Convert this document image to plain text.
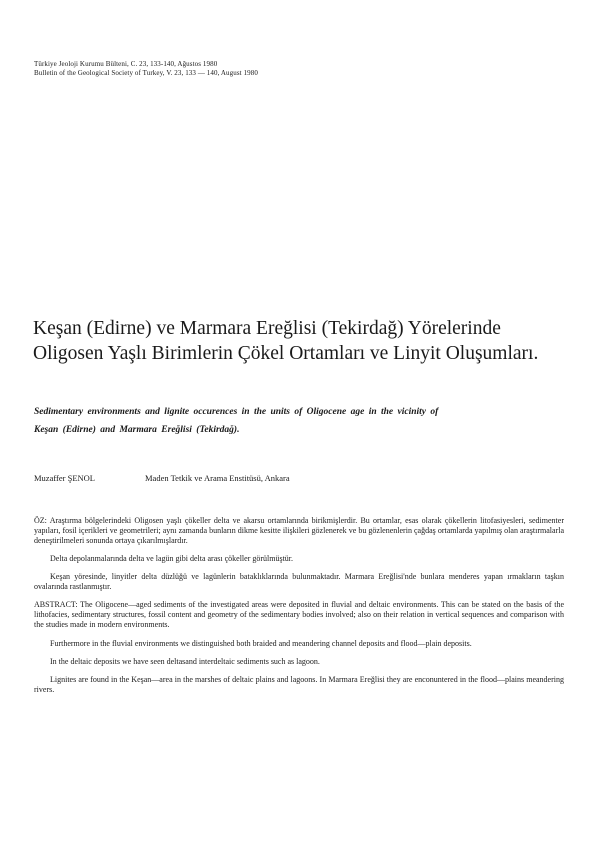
Türkiye Jeoloji Kurumu Bülteni, C. 23, 133-140, Ağustos 1980
Bulletin of the Geological Society of Turkey, V. 23, 133 — 140, August 1980
Keşan (Edirne) ve Marmara Ereğlisi (Tekirdağ) Yörelerinde
Oligosen Yaşlı Birimlerin Çökel Ortamları ve Linyit Oluşumları.
Sedimentary environments and lignite occurences in the units of Oligocene age in the vicinity of
Keşan (Edirne) and Marmara Ereğlisi (Tekirdağ).
Muzaffer ŞENOL	Maden Tetkik ve Arama Enstitüsü, Ankara

ÖZ: Araştırma bölgelerindeki Oligosen yaşlı çökeller delta ve akarsu ortamlarında birikmişlerdir. Bu ortamlar, esas olarak çökellerin litofasiyesleri, sedimenter yapıları, fosil içerikleri ve geometrileri; aynı zamanda bunların dikme kesitte ilişkileri gözlenerek ve bu gözlenenlerin çağdaş ortamlarda yapılmış olan araştırmalarla deneştirilmeleri sonunda ortaya çıkarılmışlardır.

Delta depolanmalarında delta ve lagün gibi delta arası çökeller görülmüştür.

Keşan yöresinde, linyitler delta düzlüğü ve lagünlerin bataklıklarında bulunmaktadır. Marmara Ereğlisi'nde bunlara menderes yapan ırmakların taşkın ovalarında rastlanmıştır.

ABSTRACT: The Oligocene—aged sediments of the investigated areas were deposited in fluvial and deltaic environments. This can be stated on the basis of the lithofacies, sedimentary structures, fossil content and geometry of the sedimentary bodies involved; also on their relation in vertical sequences and comparison with the studies made in modern environments.

Furthermore in the fluvial environments we distinguished both braided and meandering channel deposits and flood—plain deposits.

In the deltaic deposits we have seen deltasand interdeltaic sediments such as lagoon.

Lignites are found in the Keşan—area in the marshes of deltaic plains and lagoons. In Marmara Ereğlisi they are enconuntered in the flood—plains meandering rivers.
